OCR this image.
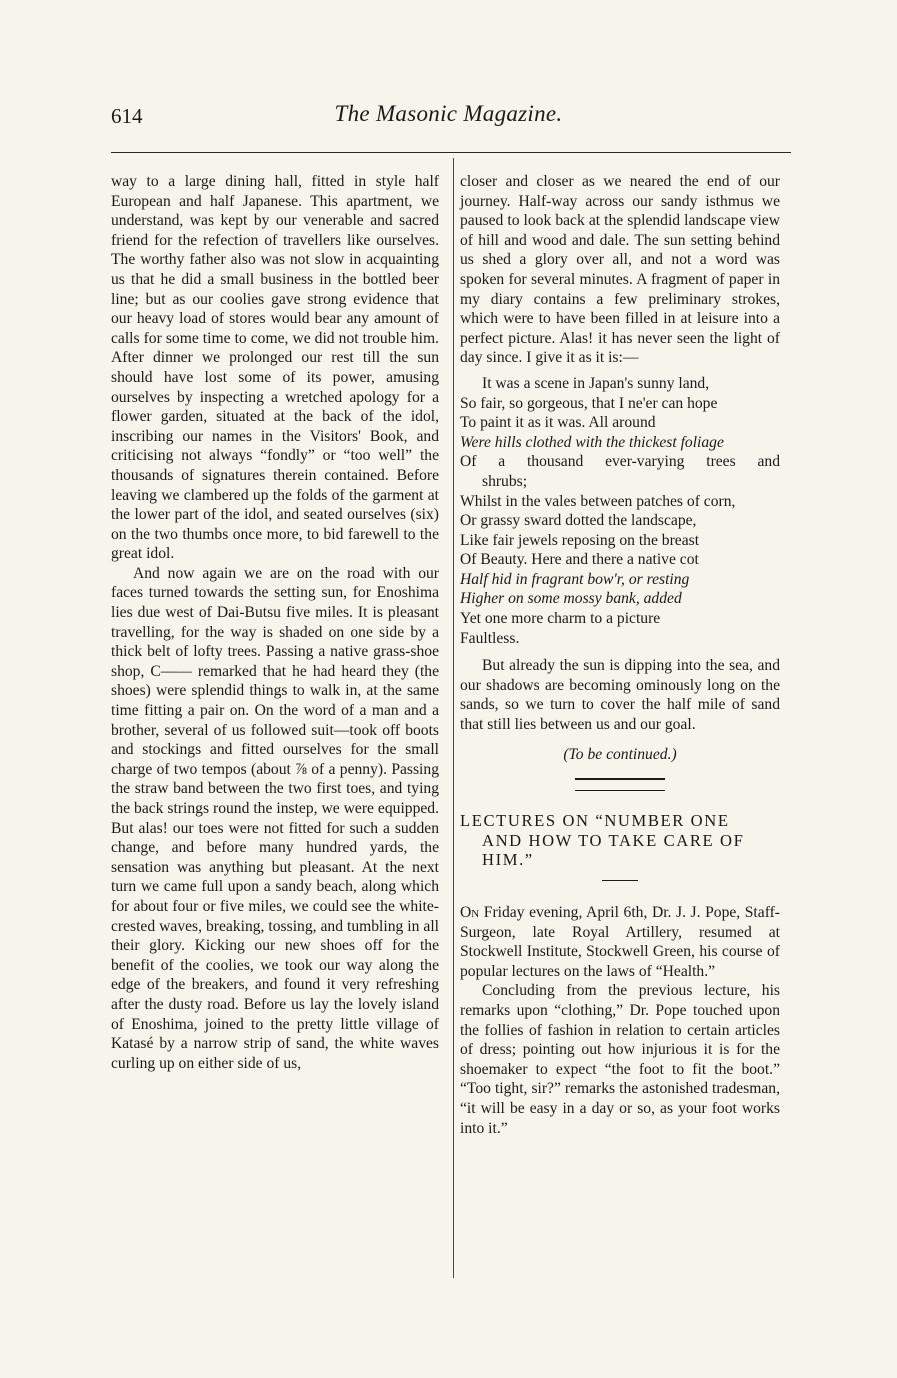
614	The Masonic Magazine.

way to a large dining hall, fitted in style half European and half Japanese. This apartment, we understand, was kept by our venerable and sacred friend for the refection of travellers like ourselves. The worthy father also was not slow in acquainting us that he did a small business in the bottled beer line; but as our coolies gave strong evidence that our heavy load of stores would bear any amount of calls for some time to come, we did not trouble him. After dinner we prolonged our rest till the sun should have lost some of its power, amusing ourselves by inspecting a wretched apology for a flower garden, situated at the back of the idol, inscribing our names in the Visitors' Book, and criticising not always “fondly” or “too well” the thousands of signatures therein contained. Before leaving we clambered up the folds of the garment at the lower part of the idol, and seated ourselves (six) on the two thumbs once more, to bid farewell to the great idol.

And now again we are on the road with our faces turned towards the setting sun, for Enoshima lies due west of Dai-Butsu five miles. It is pleasant travelling, for the way is shaded on one side by a thick belt of lofty trees. Passing a native grass-shoe shop, C—— remarked that he had heard they (the shoes) were splendid things to walk in, at the same time fitting a pair on. On the word of a man and a brother, several of us followed suit—took off boots and stockings and fitted ourselves for the small charge of two tempos (about ⅞ of a penny). Passing the straw band between the two first toes, and tying the back strings round the instep, we were equipped. But alas! our toes were not fitted for such a sudden change, and before many hundred yards, the sensation was anything but pleasant. At the next turn we came full upon a sandy beach, along which for about four or five miles, we could see the white-crested waves, breaking, tossing, and tumbling in all their glory. Kicking our new shoes off for the benefit of the coolies, we took our way along the edge of the breakers, and found it very refreshing after the dusty road. Before us lay the lovely island of Enoshima, joined to the pretty little village of Katasé by a narrow strip of sand, the white waves curling up on either side of us,

closer and closer as we neared the end of our journey. Half-way across our sandy isthmus we paused to look back at the splendid landscape view of hill and wood and dale. The sun setting behind us shed a glory over all, and not a word was spoken for several minutes. A fragment of paper in my diary contains a few preliminary strokes, which were to have been filled in at leisure into a perfect picture. Alas! it has never seen the light of day since. I give it as it is:—

It was a scene in Japan's sunny land,
So fair, so gorgeous, that I ne'er can hope
To paint it as it was. All around
Were hills clothed with the thickest foliage
Of a thousand ever-varying trees and
shrubs;
Whilst in the vales between patches of corn,
Or grassy sward dotted the landscape,
Like fair jewels reposing on the breast
Of Beauty. Here and there a native cot
Half hid in fragrant bow'r, or resting
Higher on some mossy bank, added
Yet one more charm to a picture
Faultless.

But already the sun is dipping into the sea, and our shadows are becoming ominously long on the sands, so we turn to cover the half mile of sand that still lies between us and our goal.

(To be continued.)

LECTURES ON “NUMBER ONE
AND HOW TO TAKE CARE OF
HIM.”

On Friday evening, April 6th, Dr. J. J. Pope, Staff-Surgeon, late Royal Artillery, resumed at Stockwell Institute, Stockwell Green, his course of popular lectures on the laws of “Health.”

Concluding from the previous lecture, his remarks upon “clothing,” Dr. Pope touched upon the follies of fashion in relation to certain articles of dress; pointing out how injurious it is for the shoemaker to expect “the foot to fit the boot.” “Too tight, sir?” remarks the astonished tradesman, “it will be easy in a day or so, as your foot works into it.”
